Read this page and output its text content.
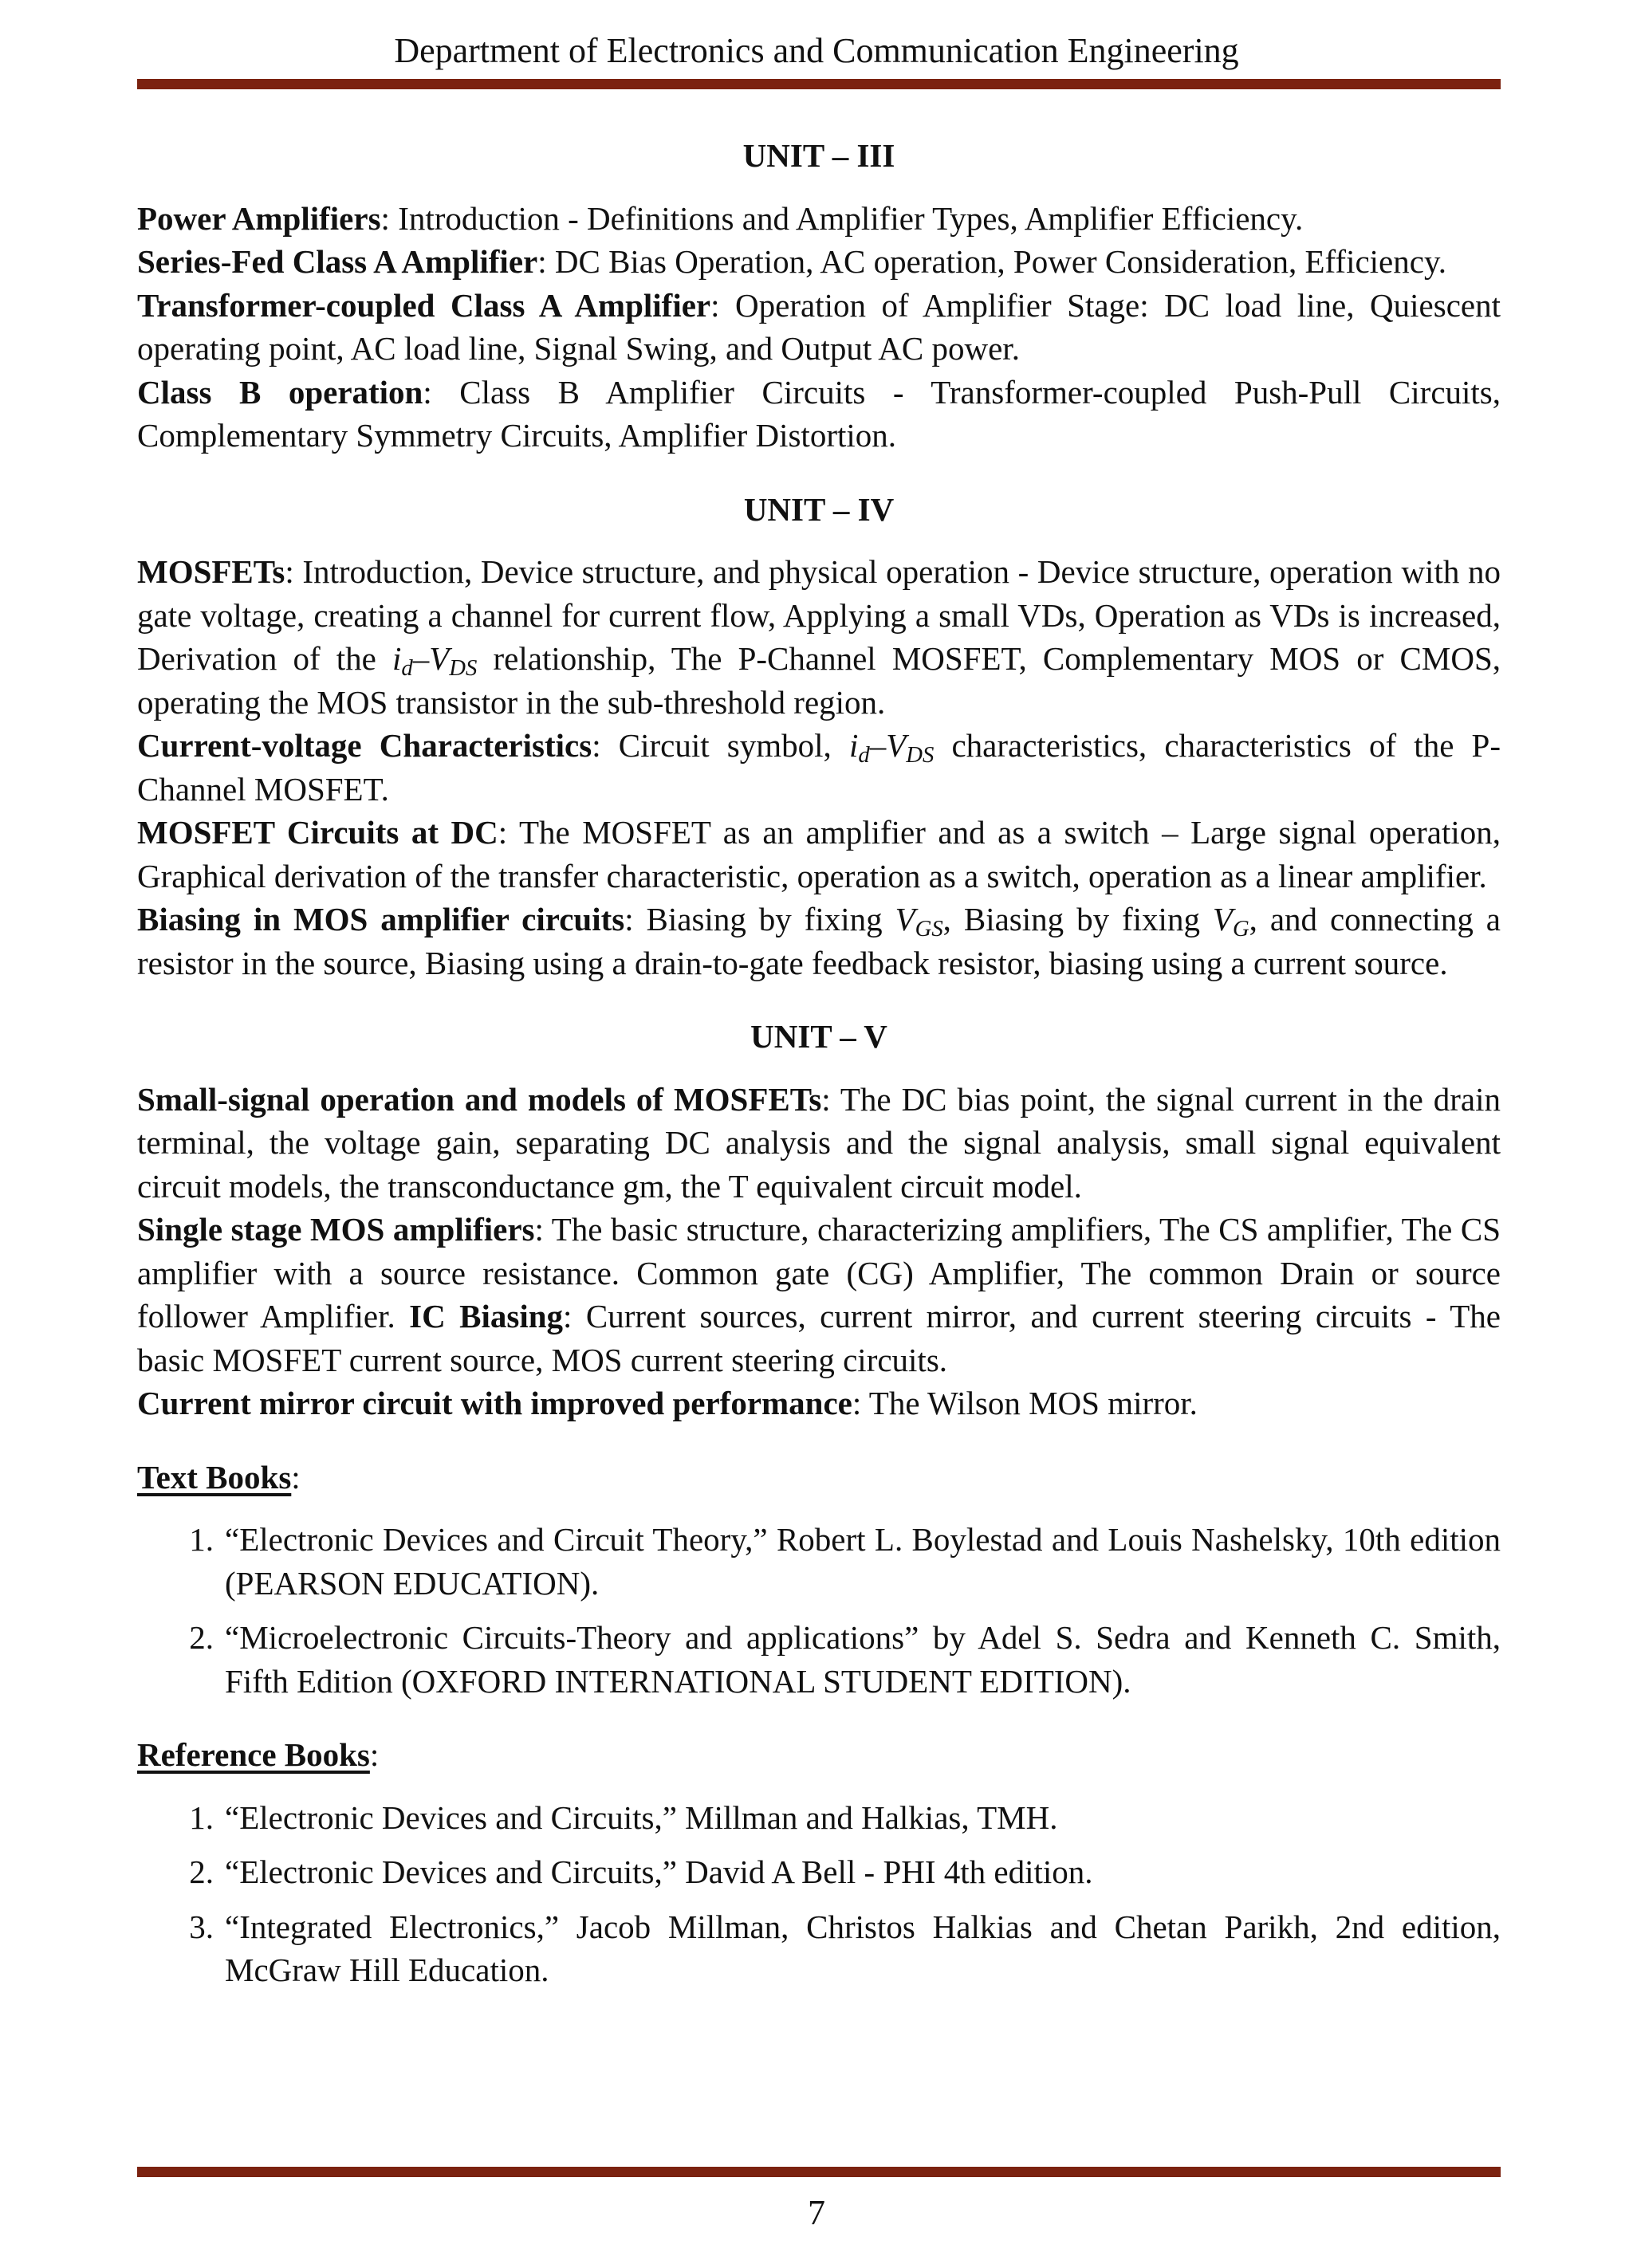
Department of Electronics and Communication Engineering
UNIT – III

Power Amplifiers: Introduction - Definitions and Amplifier Types, Amplifier Efficiency.

Series-Fed Class A Amplifier: DC Bias Operation, AC operation, Power Consideration, Efficiency.

Transformer-coupled Class A Amplifier: Operation of Amplifier Stage: DC load line, Quiescent operating point, AC load line, Signal Swing, and Output AC power.

Class B operation: Class B Amplifier Circuits - Transformer-coupled Push-Pull Circuits, Complementary Symmetry Circuits, Amplifier Distortion.

UNIT – IV

MOSFETs: Introduction, Device structure, and physical operation - Device structure, operation with no gate voltage, creating a channel for current flow, Applying a small VDs, Operation as VDs is increased, Derivation of the $i_d-V_{DS}$ relationship, The P-Channel MOSFET, Complementary MOS or CMOS, operating the MOS transistor in the sub-threshold region.

Current-voltage Characteristics: Circuit symbol, $i_d-V_{DS}$ characteristics, characteristics of the P-Channel MOSFET.

MOSFET Circuits at DC: The MOSFET as an amplifier and as a switch – Large signal operation, Graphical derivation of the transfer characteristic, operation as a switch, operation as a linear amplifier.

Biasing in MOS amplifier circuits: Biasing by fixing $V_{GS}$, Biasing by fixing $V_G$, and connecting a resistor in the source, Biasing using a drain-to-gate feedback resistor, biasing using a current source.

UNIT – V

Small-signal operation and models of MOSFETs: The DC bias point, the signal current in the drain terminal, the voltage gain, separating DC analysis and the signal analysis, small signal equivalent circuit models, the transconductance gm, the T equivalent circuit model.

Single stage MOS amplifiers: The basic structure, characterizing amplifiers, The CS amplifier, The CS amplifier with a source resistance. Common gate (CG) Amplifier, The common Drain or source follower Amplifier. IC Biasing: Current sources, current mirror, and current steering circuits - The basic MOSFET current source, MOS current steering circuits.

Current mirror circuit with improved performance: The Wilson MOS mirror.

Text Books:
1. “Electronic Devices and Circuit Theory,” Robert L. Boylestad and Louis Nashelsky, 10th edition (PEARSON EDUCATION).
2. “Microelectronic Circuits-Theory and applications” by Adel S. Sedra and Kenneth C. Smith, Fifth Edition (OXFORD INTERNATIONAL STUDENT EDITION).
Reference Books:
1. “Electronic Devices and Circuits,” Millman and Halkias, TMH.
2. “Electronic Devices and Circuits,” David A Bell - PHI 4th edition.
3. “Integrated Electronics,” Jacob Millman, Christos Halkias and Chetan Parikh, 2nd edition, McGraw Hill Education.
7
